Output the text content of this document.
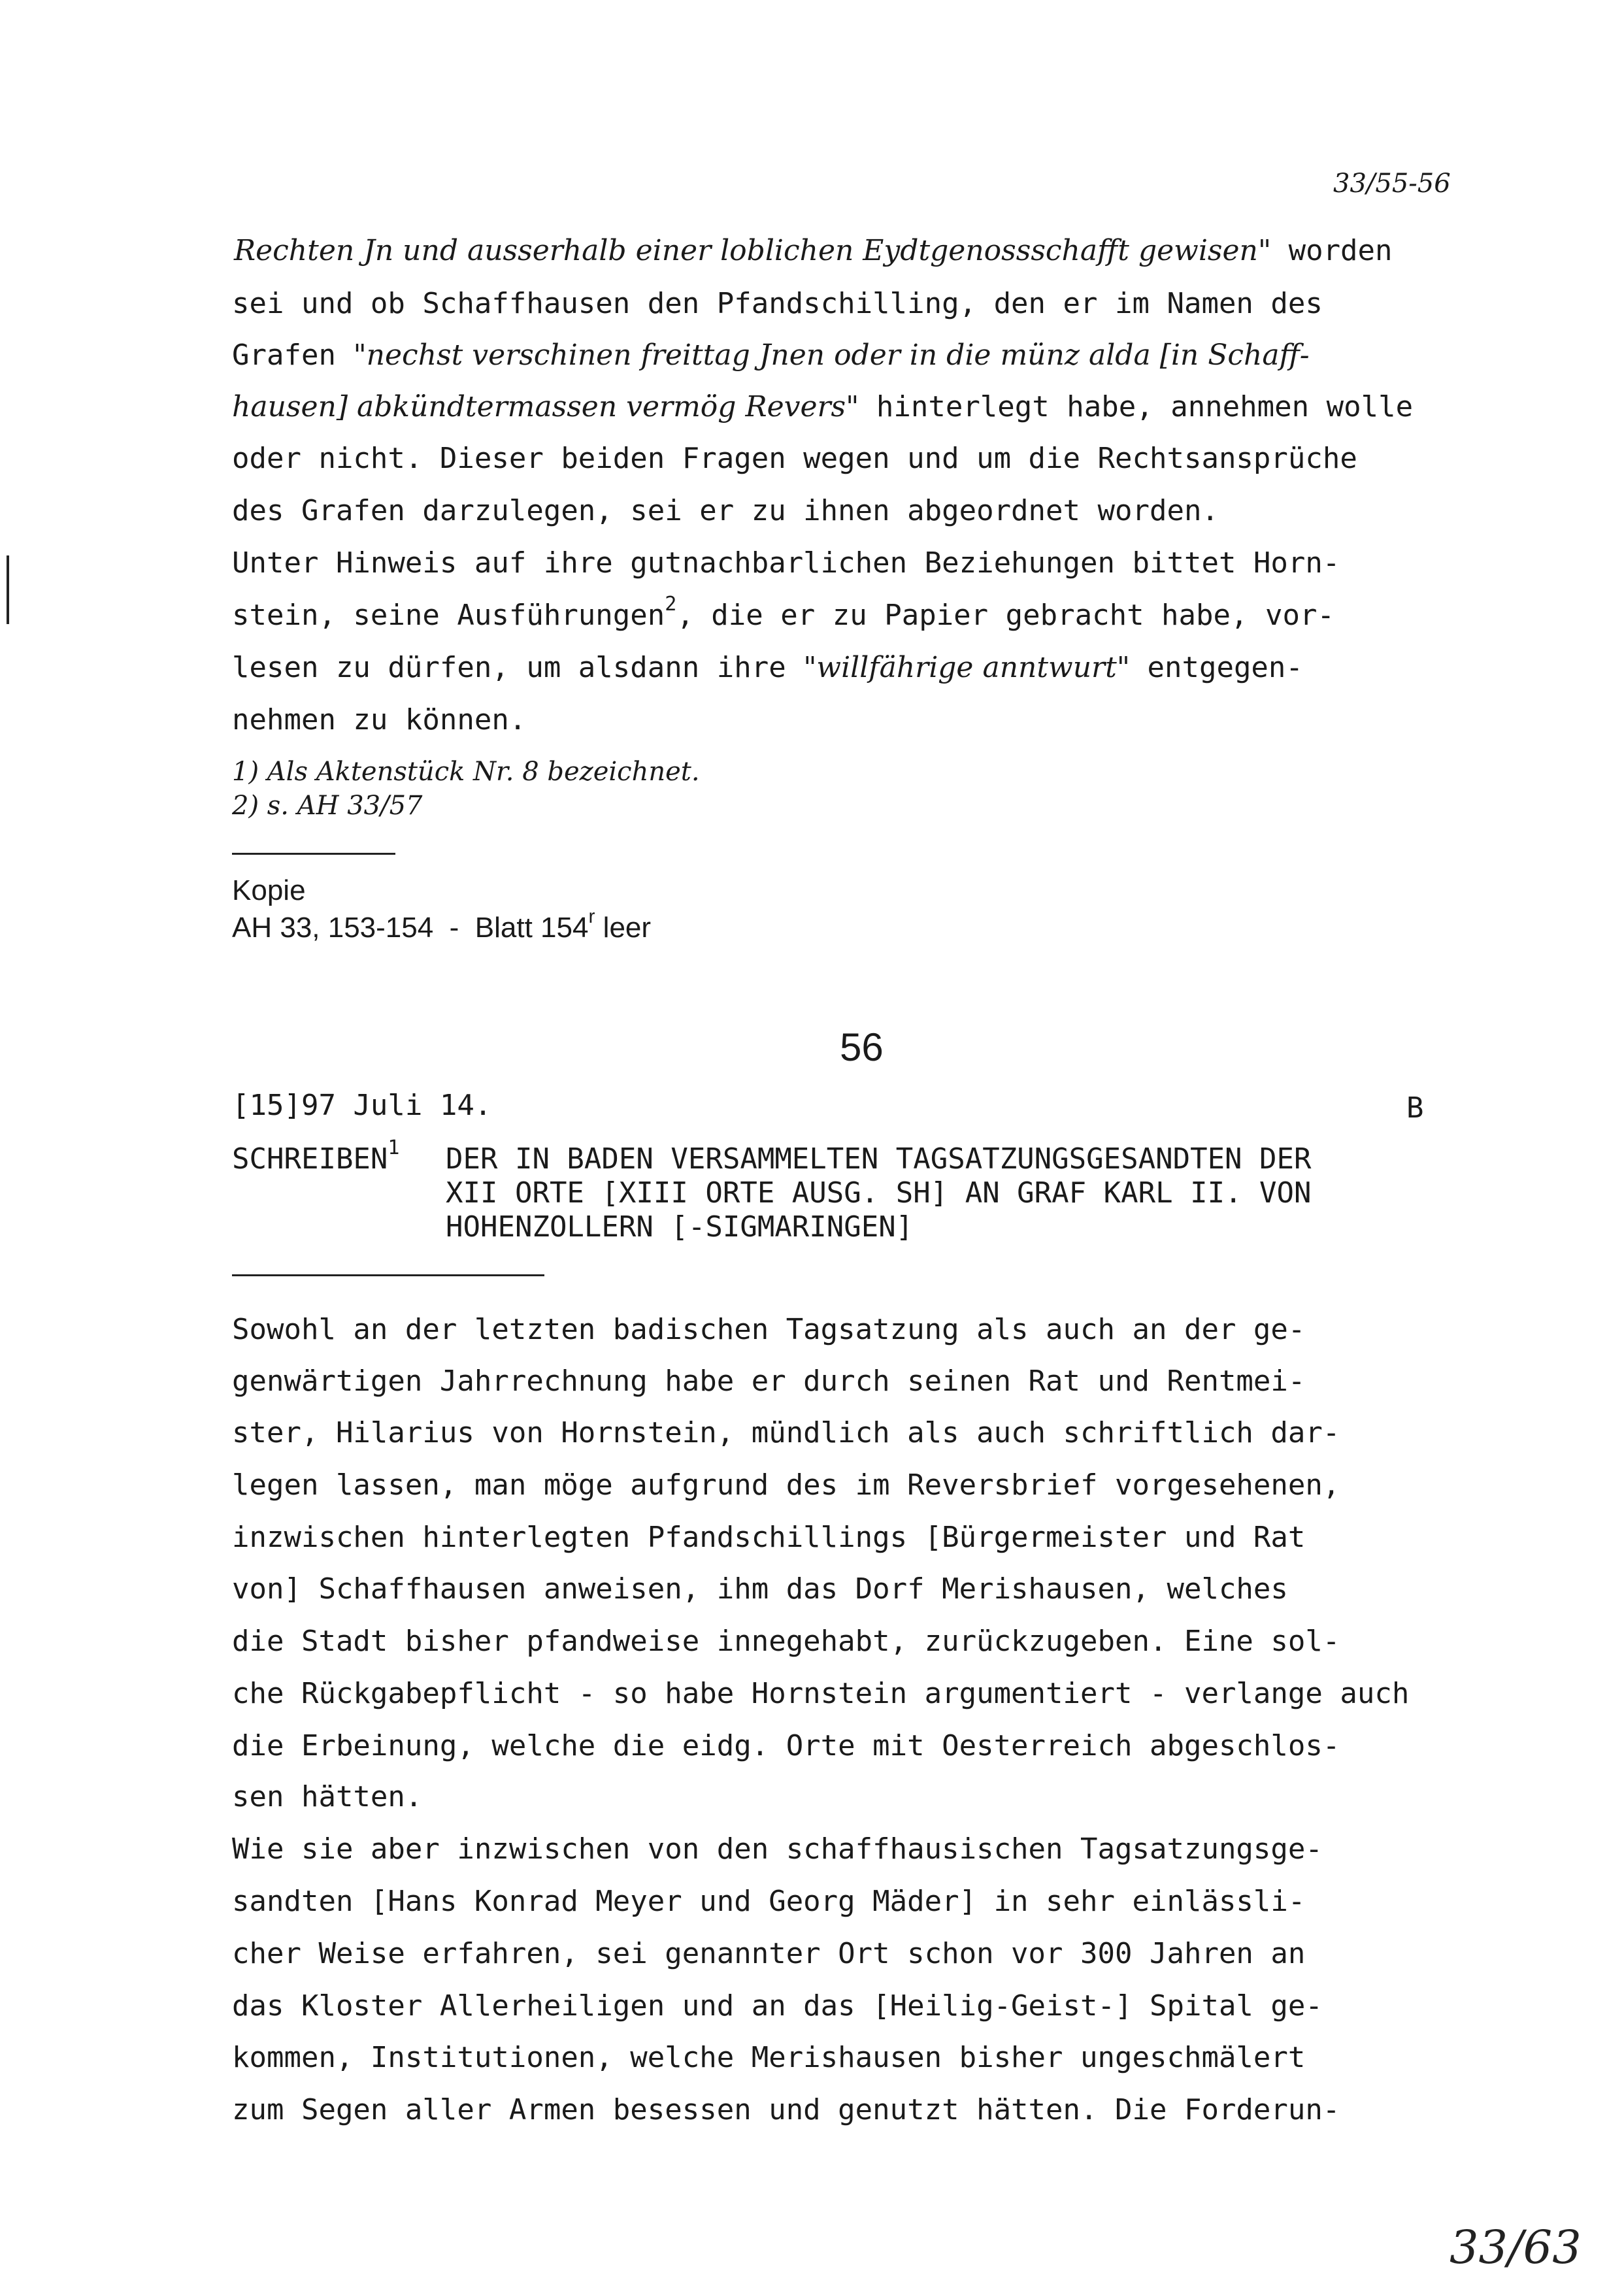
33/55-56
Rechten Jn und ausserhalb einer loblichen Eydtgenossschafft gewisen" worden
sei und ob Schaffhausen den Pfandschilling, den er im Namen des
Grafen "nechst verschinen freittag Jnen oder in die münz alda [in Schaff-
hausen] abkündtermassen vermög Revers" hinterlegt habe, annehmen wolle
oder nicht. Dieser beiden Fragen wegen und um die Rechtsansprüche
des Grafen darzulegen, sei er zu ihnen abgeordnet worden.
Unter Hinweis auf ihre gutnachbarlichen Beziehungen bittet Horn-
stein, seine Ausführungen$^2$, die er zu Papier gebracht habe, vor-
lesen zu dürfen, um alsdann ihre "willfährige anntwurt" entgegen-
nehmen zu können.
1) Als Aktenstück Nr. 8 bezeichnet.
2) s. AH 33/57
Kopie
AH 33, 153-154  -  Blatt 154$^r$ leer
56
[15]97 Juli 14.	B
SCHREIBEN$^1$ DER IN BADEN VERSAMMELTEN TAGSATZUNGSGESANDTEN DER
XII ORTE [XIII ORTE AUSG. SH] AN GRAF KARL II. VON
HOHENZOLLERN [-SIGMARINGEN]
Sowohl an der letzten badischen Tagsatzung als auch an der ge-
genwärtigen Jahrrechnung habe er durch seinen Rat und Rentmei-
ster, Hilarius von Hornstein, mündlich als auch schriftlich dar-
legen lassen, man möge aufgrund des im Reversbrief vorgesehenen,
inzwischen hinterlegten Pfandschillings [Bürgermeister und Rat
von] Schaffhausen anweisen, ihm das Dorf Merishausen, welches
die Stadt bisher pfandweise innegehabt, zurückzugeben. Eine sol-
che Rückgabepflicht - so habe Hornstein argumentiert - verlange auch
die Erbeinung, welche die eidg. Orte mit Oesterreich abgeschlos-
sen hätten.
Wie sie aber inzwischen von den schaffhausischen Tagsatzungsge-
sandten [Hans Konrad Meyer und Georg Mäder] in sehr einlässli-
cher Weise erfahren, sei genannter Ort schon vor 300 Jahren an
das Kloster Allerheiligen und an das [Heilig-Geist-] Spital ge-
kommen, Institutionen, welche Merishausen bisher ungeschmälert
zum Segen aller Armen besessen und genutzt hätten. Die Forderun-
33/63
